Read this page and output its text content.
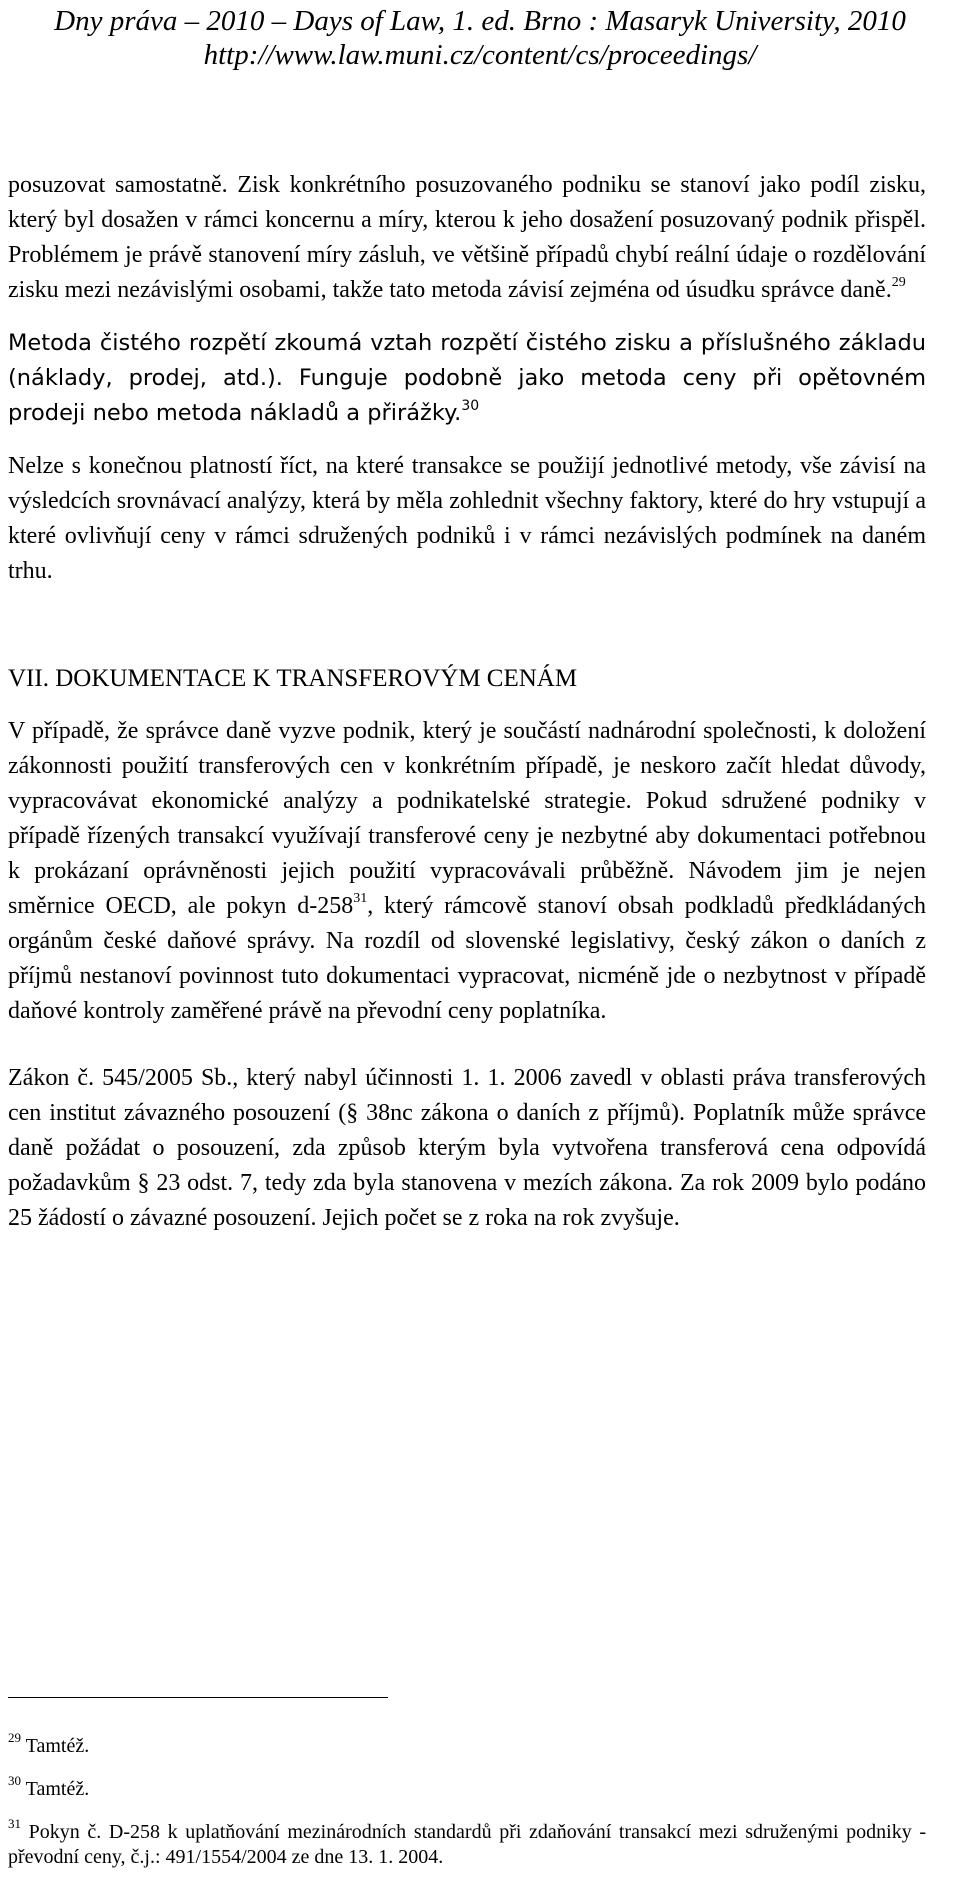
Dny práva – 2010 – Days of Law, 1. ed. Brno : Masaryk University, 2010
http://www.law.muni.cz/content/cs/proceedings/

posuzovat samostatně. Zisk konkrétního posuzovaného podniku se stanoví jako podíl zisku, který byl dosažen v rámci koncernu a míry, kterou k jeho dosažení posuzovaný podnik přispěl. Problémem je právě stanovení míry zásluh, ve většině případů chybí reální údaje o rozdělování zisku mezi nezávislými osobami, takže tato metoda závisí zejména od úsudku správce daně.$^{29}$

Metoda čistého rozpětí zkoumá vztah rozpětí čistého zisku a příslušného základu (náklady, prodej, atd.). Funguje podobně jako metoda ceny při opětovném prodeji nebo metoda nákladů a přirážky.$^{30}$

Nelze s konečnou platností říct, na které transakce se použijí jednotlivé metody, vše závisí na výsledcích srovnávací analýzy, která by měla zohlednit všechny faktory, které do hry vstupují a které ovlivňují ceny v rámci sdružených podniků i v rámci nezávislých podmínek na daném trhu.

VII. DOKUMENTACE K TRANSFEROVÝM CENÁM

V případě, že správce daně vyzve podnik, který je součástí nadnárodní společnosti, k doložení zákonnosti použití transferových cen v konkrétním případě, je neskoro začít hledat důvody, vypracovávat ekonomické analýzy a podnikatelské strategie. Pokud sdružené podniky v případě řízených transakcí využívají transferové ceny je nezbytné aby dokumentaci potřebnou k prokázaní oprávněnosti jejich použití vypracovávali průběžně. Návodem jim je nejen směrnice OECD, ale pokyn $d-258^{31}$, který rámcově stanoví obsah podkladů předkládaných orgánům české daňové správy. Na rozdíl od slovenské legislativy, český zákon o daních z příjmů nestanoví povinnost tuto dokumentaci vypracovat, nicméně jde o nezbytnost v případě daňové kontroly zaměřené právě na převodní ceny poplatníka.

Zákon č. 545/2005 Sb., který nabyl účinnosti 1. 1. 2006 zavedl v oblasti práva transferových cen institut závazného posouzení (§ 38nc zákona o daních z příjmů). Poplatník může správce daně požádat o posouzení, zda způsob kterým byla vytvořena transferová cena odpovídá požadavkům § 23 odst. 7, tedy zda byla stanovena v mezích zákona. Za rok 2009 bylo podáno 25 žádostí o závazné posouzení. Jejich počet se z roka na rok zvyšuje.

$^{29}$ Tamtéž.

$^{30}$ Tamtéž.

$^{31}$ Pokyn č. D-258 k uplatňování mezinárodních standardů při zdaňování transakcí mezi sdruženými podniky - převodní ceny, č.j.: 491/1554/2004 ze dne 13. 1. 2004.
